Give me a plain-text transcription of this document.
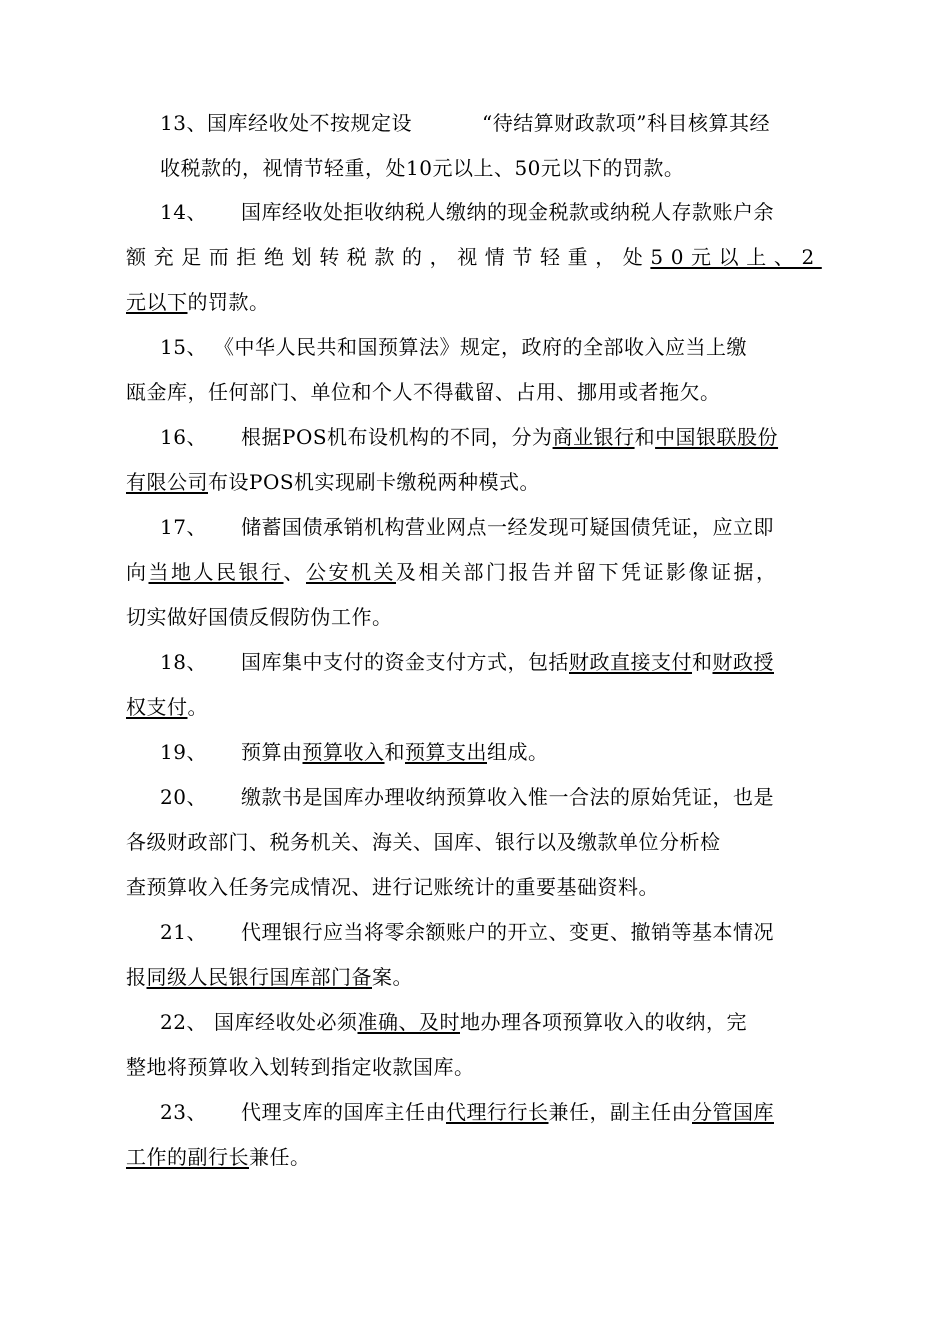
13、国库经收处不按规定设	“待结算财政款项”科目核算其经
收税款的，视情节轻重，处10元以上、50元以下的罚款。
14、 国库经收处拒收纳税人缴纳的现金税款或纳税人存款账户余
额充足而拒绝划转税款的，视情节轻重，处50元以上、2
元以下的罚款。
15、 《中华人民共和国预算法》规定，政府的全部收入应当上缴
瓯金库，任何部门、单位和个人不得截留、占用、挪用或者拖欠。
16、 根据POS机布设机构的不同，分为商业银行和中国银联股份
有限公司布设POS机实现刷卡缴税两种模式。
17、 储蓄国债承销机构营业网点一经发现可疑国债凭证，应立即
向当地人民银行、公安机关及相关部门报告并留下凭证影像证据，
切实做好国债反假防伪工作。
18、 国库集中支付的资金支付方式，包括财政直接支付和财政授
权支付。
19、 预算由预算收入和预算支出组成。
20、 缴款书是国库办理收纳预算收入惟一合法的原始凭证，也是
各级财政部门、税务机关、海关、国库、银行以及缴款单位分析检
查预算收入任务完成情况、进行记账统计的重要基础资料。
21、 代理银行应当将零余额账户的开立、变更、撤销等基本情况
报同级人民银行国库部门备案。
22、 国库经收处必须准确、及时地办理各项预算收入的收纳，完
整地将预算收入划转到指定收款国库。
23、 代理支库的国库主任由代理行行长兼任，副主任由分管国库
工作的副行长兼任。
